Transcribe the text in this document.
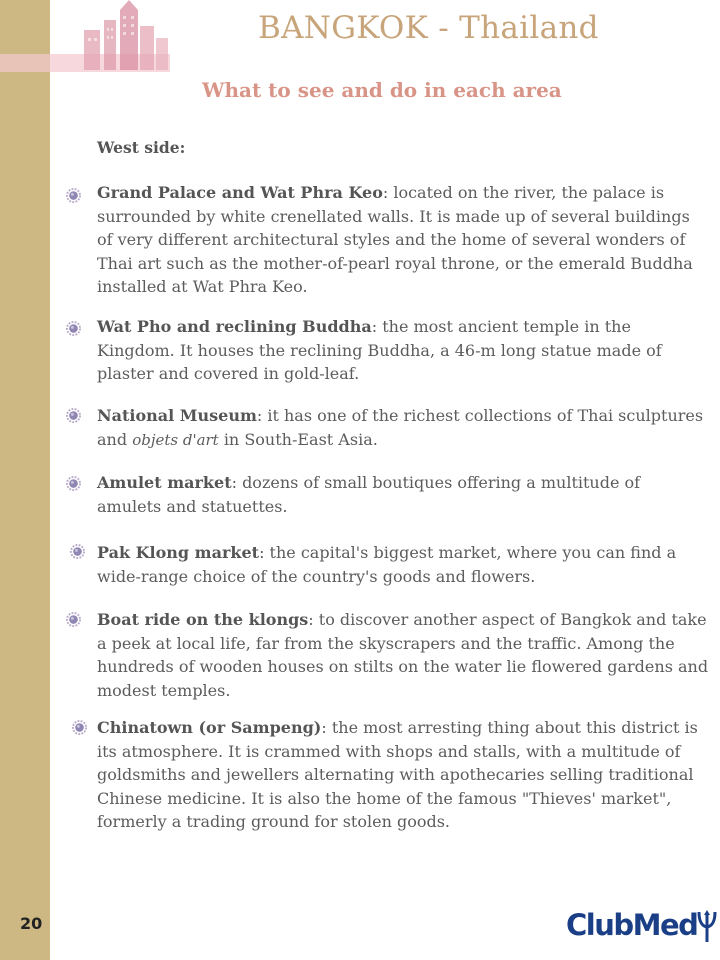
BANGKOK - Thailand
What to see and do in each area
West side:
Grand Palace and Wat Phra Keo: located on the river, the palace is surrounded by white crenellated walls. It is made up of several buildings of very different architectural styles and the home of several wonders of Thai art such as the mother-of-pearl royal throne, or the emerald Buddha installed at Wat Phra Keo.
Wat Pho and reclining Buddha: the most ancient temple in the Kingdom. It houses the reclining Buddha, a 46-m long statue made of plaster and covered in gold-leaf.
National Museum: it has one of the richest collections of Thai sculptures and objets d'art in South-East Asia.
Amulet market: dozens of small boutiques offering a multitude of amulets and statuettes.
Pak Klong market: the capital's biggest market, where you can find a wide-range choice of the country's goods and flowers.
Boat ride on the klongs: to discover another aspect of Bangkok and take a peek at local life, far from the skyscrapers and the traffic. Among the hundreds of wooden houses on stilts on the water lie flowered gardens and modest temples.
Chinatown (or Sampeng): the most arresting thing about this district is its atmosphere. It is crammed with shops and stalls, with a multitude of goldsmiths and jewellers alternating with apothecaries selling traditional Chinese medicine. It is also the home of the famous "Thieves' market", formerly a trading ground for stolen goods.
20	ClubMed
